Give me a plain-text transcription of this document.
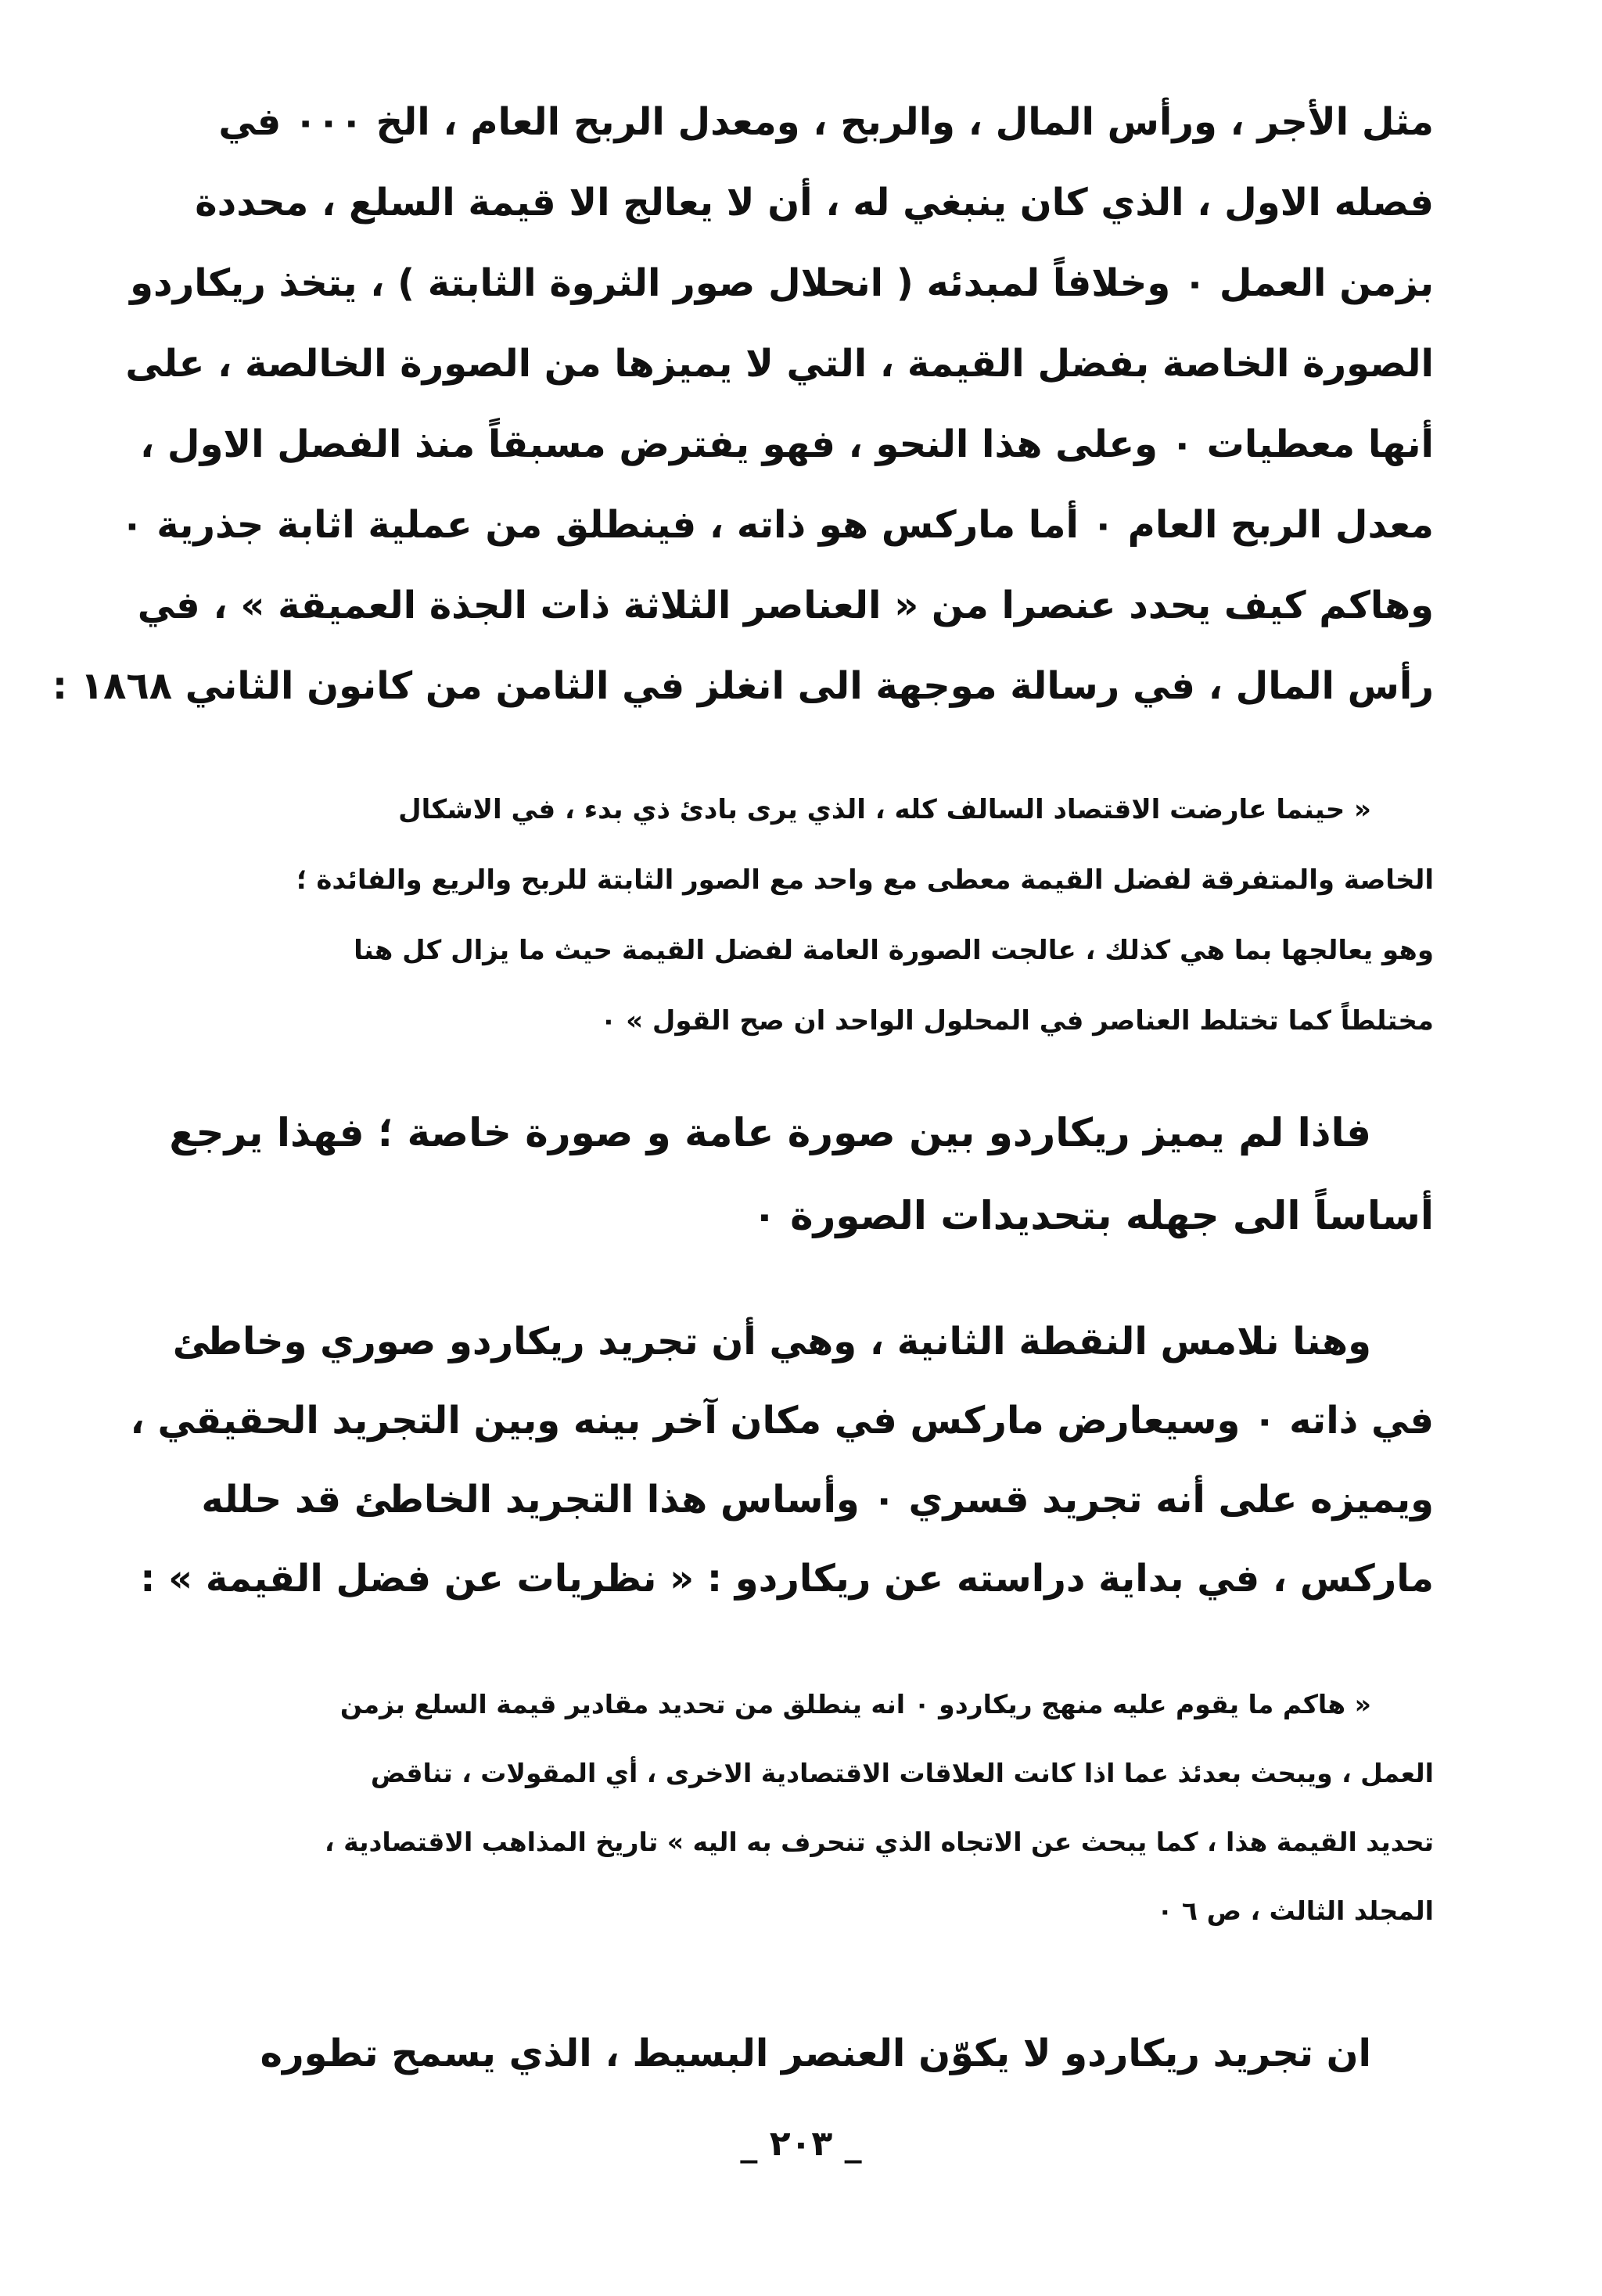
مثل الأجر ، ورأس المال ، والربح ، ومعدل الربح العام ، الخ ٠٠٠ في
فصله الاول ، الذي كان ينبغي له ، أن لا يعالج الا قيمة السلع ، محددة
بزمن العمل ٠ وخلافاً لمبدئه ( انحلال صور الثروة الثابتة ) ، يتخذ ريكاردو
الصورة الخاصة بفضل القيمة ، التي لا يميزها من الصورة الخالصة ، على
أنها معطيات ٠ وعلى هذا النحو ، فهو يفترض مسبقاً منذ الفصل الاول ،
معدل الربح العام ٠ أما ماركس هو ذاته ، فينطلق من عملية اثابة جذرية ٠
وهاكم كيف يحدد عنصرا من « العناصر الثلاثة ذات الجذة العميقة » ، في
رأس المال ، في رسالة موجهة الى انغلز في الثامن من كانون الثاني ١٨٦٨ :
« حينما عارضت الاقتصاد السالف كله ، الذي يرى بادئ ذي بدء ، في الاشكال
الخاصة والمتفرقة لفضل القيمة معطى مع واحد مع الصور الثابتة للربح والريع والفائدة ؛
وهو يعالجها بما هي كذلك ، عالجت الصورة العامة لفضل القيمة حيث ما يزال كل هنا
مختلطاً كما تختلط العناصر في المحلول الواحد ان صح القول » ٠
فاذا لم يميز ريكاردو بين صورة عامة و صورة خاصة ؛ فهذا يرجع
أساساً الى جهله بتحديدات الصورة ٠
وهنا نلامس النقطة الثانية ، وهي أن تجريد ريكاردو صوري وخاطئ
في ذاته ٠ وسيعارض ماركس في مكان آخر بينه وبين التجريد الحقيقي ،
ويميزه على أنه تجريد قسري ٠ وأساس هذا التجريد الخاطئ قد حلله
ماركس ، في بداية دراسته عن ريكاردو : « نظريات عن فضل القيمة » :
« هاكم ما يقوم عليه منهج ريكاردو ٠ انه ينطلق من تحديد مقادير قيمة السلع بزمن
العمل ، ويبحث بعدئذ عما اذا كانت العلاقات الاقتصادية الاخرى ، أي المقولات ، تناقض
تحديد القيمة هذا ، كما يبحث عن الاتجاه الذي تنحرف به اليه » تاريخ المذاهب الاقتصادية ،
المجلد الثالث ، ص ٦ ٠
ان تجريد ريكاردو لا يكوّن العنصر البسيط ، الذي يسمح تطوره
_ ٢٠٣ _
